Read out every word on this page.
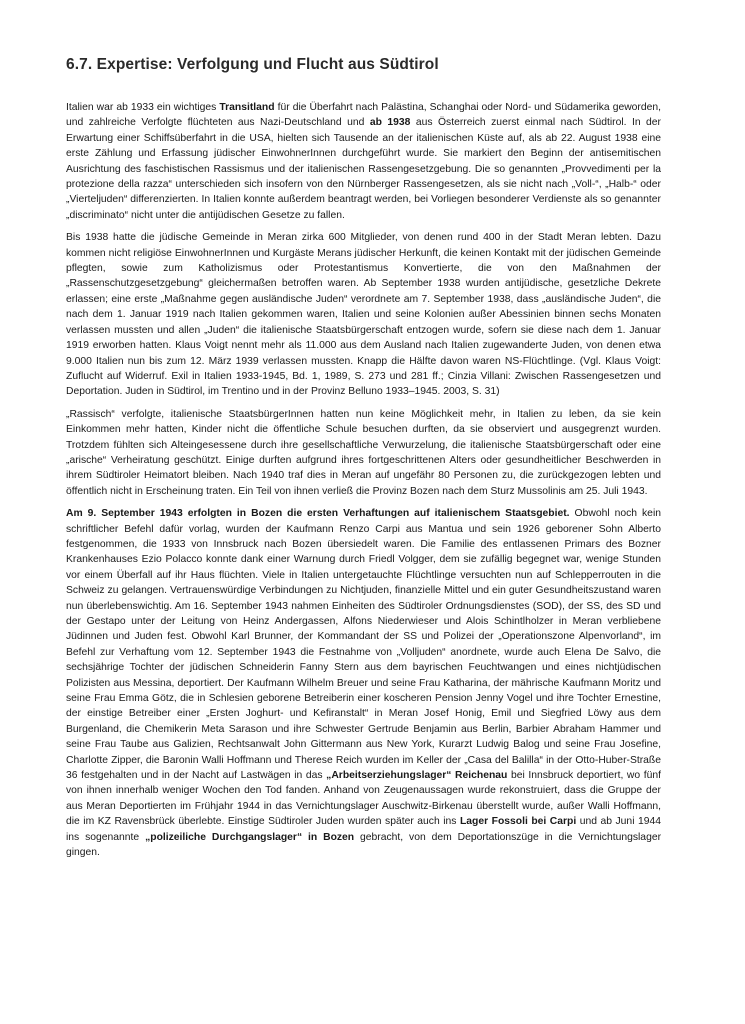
6.7. Expertise: Verfolgung und Flucht aus Südtirol

Italien war ab 1933 ein wichtiges Transitland für die Überfahrt nach Palästina, Schanghai oder Nord- und Südamerika geworden, und zahlreiche Verfolgte flüchteten aus Nazi-Deutschland und ab 1938 aus Österreich zuerst einmal nach Südtirol. In der Erwartung einer Schiffsüberfahrt in die USA, hielten sich Tausende an der italienischen Küste auf, als ab 22. August 1938 eine erste Zählung und Erfassung jüdischer EinwohnerInnen durchgeführt wurde. Sie markiert den Beginn der antisemitischen Ausrichtung des faschistischen Rassismus und der italienischen Rassengesetzgebung. Die so genannten „Provvedimenti per la protezione della razza“ unterschieden sich insofern von den Nürnberger Rassengesetzen, als sie nicht nach „Voll-“, „Halb-“ oder „Vierteljuden“ differenzierten. In Italien konnte außerdem beantragt werden, bei Vorliegen besonderer Verdienste als so genannter „discriminato“ nicht unter die antijüdischen Gesetze zu fallen.

Bis 1938 hatte die jüdische Gemeinde in Meran zirka 600 Mitglieder, von denen rund 400 in der Stadt Meran lebten. Dazu kommen nicht religiöse EinwohnerInnen und Kurgäste Merans jüdischer Herkunft, die keinen Kontakt mit der jüdischen Gemeinde pflegten, sowie zum Katholizismus oder Protestantismus Konvertierte, die von den Maßnahmen der „Rassenschutzgesetzgebung“ gleichermaßen betroffen waren. Ab September 1938 wurden antijüdische, gesetzliche Dekrete erlassen; eine erste „Maßnahme gegen ausländische Juden“ verordnete am 7. September 1938, dass „ausländische Juden“, die nach dem 1. Januar 1919 nach Italien gekommen waren, Italien und seine Kolonien außer Abessinien binnen sechs Monaten verlassen mussten und allen „Juden“ die italienische Staatsbürgerschaft entzogen wurde, sofern sie diese nach dem 1. Januar 1919 erworben hatten. Klaus Voigt nennt mehr als 11.000 aus dem Ausland nach Italien zugewanderte Juden, von denen etwa 9.000 Italien nun bis zum 12. März 1939 verlassen mussten. Knapp die Hälfte davon waren NS-Flüchtlinge. (Vgl. Klaus Voigt: Zuflucht auf Widerruf. Exil in Italien 1933-1945, Bd. 1, 1989, S. 273 und 281 ff.; Cinzia Villani: Zwischen Rassengesetzen und Deportation. Juden in Südtirol, im Trentino und in der Provinz Belluno 1933–1945. 2003, S. 31)

„Rassisch“ verfolgte, italienische StaatsbürgerInnen hatten nun keine Möglichkeit mehr, in Italien zu leben, da sie kein Einkommen mehr hatten, Kinder nicht die öffentliche Schule besuchen durften, da sie observiert und ausgegrenzt wurden. Trotzdem fühlten sich Alteingesessene durch ihre gesellschaftliche Verwurzelung, die italienische Staatsbürgerschaft oder eine „arische“ Verheiratung geschützt. Einige durften aufgrund ihres fortgeschrittenen Alters oder gesundheitlicher Beschwerden in ihrem Südtiroler Heimatort bleiben. Nach 1940 traf dies in Meran auf ungefähr 80 Personen zu, die zurückgezogen lebten und öffentlich nicht in Erscheinung traten. Ein Teil von ihnen verließ die Provinz Bozen nach dem Sturz Mussolinis am 25. Juli 1943.

Am 9. September 1943 erfolgten in Bozen die ersten Verhaftungen auf italienischem Staatsgebiet. Obwohl noch kein schriftlicher Befehl dafür vorlag, wurden der Kaufmann Renzo Carpi aus Mantua und sein 1926 geborener Sohn Alberto festgenommen, die 1933 von Innsbruck nach Bozen übersiedelt waren. Die Familie des entlassenen Primars des Bozner Krankenhauses Ezio Polacco konnte dank einer Warnung durch Friedl Volgger, dem sie zufällig begegnet war, wenige Stunden vor einem Überfall auf ihr Haus flüchten. Viele in Italien untergetauchte Flüchtlinge versuchten nun auf Schlepperrouten in die Schweiz zu gelangen. Vertrauenswürdige Verbindungen zu Nichtjuden, finanzielle Mittel und ein guter Gesundheitszustand waren nun überlebenswichtig. Am 16. September 1943 nahmen Einheiten des Südtiroler Ordnungsdienstes (SOD), der SS, des SD und der Gestapo unter der Leitung von Heinz Andergassen, Alfons Niederwieser und Alois Schintlholzer in Meran verbliebene Jüdinnen und Juden fest. Obwohl Karl Brunner, der Kommandant der SS und Polizei der „Operationszone Alpenvorland“, im Befehl zur Verhaftung vom 12. September 1943 die Festnahme von „Volljuden“ anordnete, wurde auch Elena De Salvo, die sechsjährige Tochter der jüdischen Schneiderin Fanny Stern aus dem bayrischen Feuchtwangen und eines nichtjüdischen Polizisten aus Messina, deportiert. Der Kaufmann Wilhelm Breuer und seine Frau Katharina, der mährische Kaufmann Moritz und seine Frau Emma Götz, die in Schlesien geborene Betreiberin einer koscheren Pension Jenny Vogel und ihre Tochter Ernestine, der einstige Betreiber einer „Ersten Joghurt- und Kefiranstalt“ in Meran Josef Honig, Emil und Siegfried Löwy aus dem Burgenland, die Chemikerin Meta Sarason und ihre Schwester Gertrude Benjamin aus Berlin, Barbier Abraham Hammer und seine Frau Taube aus Galizien, Rechtsanwalt John Gittermann aus New York, Kurarzt Ludwig Balog und seine Frau Josefine, Charlotte Zipper, die Baronin Walli Hoffmann und Therese Reich wurden im Keller der „Casa del Balilla“ in der Otto-Huber-Straße 36 festgehalten und in der Nacht auf Lastwägen in das „Arbeitserziehungslager“ Reichenau bei Innsbruck deportiert, wo fünf von ihnen innerhalb weniger Wochen den Tod fanden. Anhand von Zeugenaussagen wurde rekonstruiert, dass die Gruppe der aus Meran Deportierten im Frühjahr 1944 in das Vernichtungslager Auschwitz-Birkenau überstellt wurde, außer Walli Hoffmann, die im KZ Ravensbrück überlebte. Einstige Südtiroler Juden wurden später auch ins Lager Fossoli bei Carpi und ab Juni 1944 ins sogenannte „polizeiliche Durchgangslager“ in Bozen gebracht, von dem Deportationszüge in die Vernichtungslager gingen.
